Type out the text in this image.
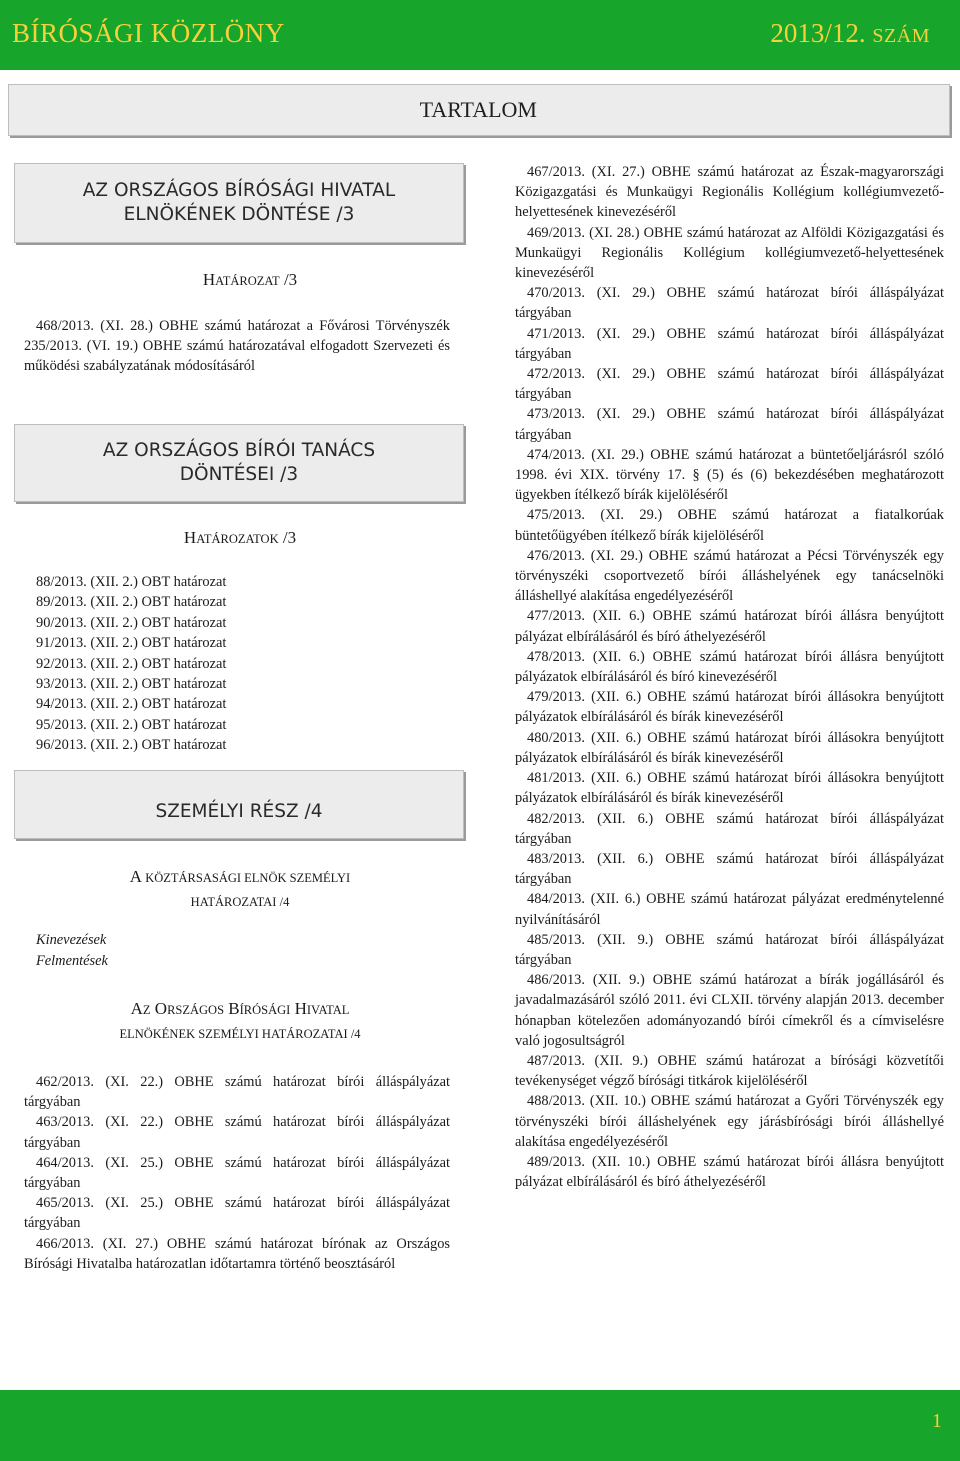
BÍRÓSÁGI KÖZLÖNY	2013/12. SZÁM
TARTALOM
AZ ORSZÁGOS BÍRÓSÁGI HIVATAL
ELNÖKÉNEK DÖNTÉSE /3
HATÁROZAT /3
468/2013. (XI. 28.) OBHE számú határozat a Fővárosi Törvényszék 235/2013. (VI. 19.) OBHE számú határozatával elfogadott Szervezeti és működési szabályzatának módosításáról
AZ ORSZÁGOS BÍRÓI TANÁCS
DÖNTÉSEI /3
HATÁROZATOK /3
88/2013. (XII. 2.) OBT határozat
89/2013. (XII. 2.) OBT határozat
90/2013. (XII. 2.) OBT határozat
91/2013. (XII. 2.) OBT határozat
92/2013. (XII. 2.) OBT határozat
93/2013. (XII. 2.) OBT határozat
94/2013. (XII. 2.) OBT határozat
95/2013. (XII. 2.) OBT határozat
96/2013. (XII. 2.) OBT határozat
SZEMÉLYI RÉSZ /4
A KÖZTÁRSASÁGI ELNÖK SZEMÉLYI
HATÁROZATAI /4
Kinevezések
Felmentések
AZ ORSZÁGOS BÍRÓSÁGI HIVATAL
ELNÖKÉNEK SZEMÉLYI HATÁROZATAI /4
462/2013. (XI. 22.) OBHE számú határozat bírói álláspályázat tárgyában
463/2013. (XI. 22.) OBHE számú határozat bírói álláspályázat tárgyában
464/2013. (XI. 25.) OBHE számú határozat bírói álláspályázat tárgyában
465/2013. (XI. 25.) OBHE számú határozat bírói álláspályázat tárgyában
466/2013. (XI. 27.) OBHE számú határozat bírónak az Országos Bírósági Hivatalba határozatlan időtartamra történő beosztásáról
467/2013. (XI. 27.) OBHE számú határozat az Észak-magyarországi Közigazgatási és Munkaügyi Regionális Kollégium kollégiumvezető-helyettesének kinevezéséről
469/2013. (XI. 28.) OBHE számú határozat az Alföldi Közigazgatási és Munkaügyi Regionális Kollégium kollégiumvezető-helyettesének kinevezéséről
470/2013. (XI. 29.) OBHE számú határozat bírói álláspályázat tárgyában
471/2013. (XI. 29.) OBHE számú határozat bírói álláspályázat tárgyában
472/2013. (XI. 29.) OBHE számú határozat bírói álláspályázat tárgyában
473/2013. (XI. 29.) OBHE számú határozat bírói álláspályázat tárgyában
474/2013. (XI. 29.) OBHE számú határozat a büntetőeljárásról szóló 1998. évi XIX. törvény 17. § (5) és (6) bekezdésében meghatározott ügyekben ítélkező bírák kijelöléséről
475/2013. (XI. 29.) OBHE számú határozat a fiatalkorúak büntetőügyében ítélkező bírák kijelöléséről
476/2013. (XI. 29.) OBHE számú határozat a Pécsi Törvényszék egy törvényszéki csoportvezető bírói álláshelyének egy tanácselnöki álláshellyé alakítása engedélyezéséről
477/2013. (XII. 6.) OBHE számú határozat bírói állásra benyújtott pályázat elbírálásáról és bíró áthelyezéséről
478/2013. (XII. 6.) OBHE számú határozat bírói állásra benyújtott pályázatok elbírálásáról és bíró kinevezéséről
479/2013. (XII. 6.) OBHE számú határozat bírói állásokra benyújtott pályázatok elbírálásáról és bírák kinevezéséről
480/2013. (XII. 6.) OBHE számú határozat bírói állásokra benyújtott pályázatok elbírálásáról és bírák kinevezéséről
481/2013. (XII. 6.) OBHE számú határozat bírói állásokra benyújtott pályázatok elbírálásáról és bírák kinevezéséről
482/2013. (XII. 6.) OBHE számú határozat bírói álláspályázat tárgyában
483/2013. (XII. 6.) OBHE számú határozat bírói álláspályázat tárgyában
484/2013. (XII. 6.) OBHE számú határozat pályázat eredménytelenné nyilvánításáról
485/2013. (XII. 9.) OBHE számú határozat bírói álláspályázat tárgyában
486/2013. (XII. 9.) OBHE számú határozat a bírák jogállásáról és javadalmazásáról szóló 2011. évi CLXII. törvény alapján 2013. december hónapban kötelezően adományozandó bírói címekről és a címviselésre való jogosultságról
487/2013. (XII. 9.) OBHE számú határozat a bírósági közvetítői tevékenységet végző bírósági titkárok kijelöléséről
488/2013. (XII. 10.) OBHE számú határozat a Győri Törvényszék egy törvényszéki bírói álláshelyének egy járásbírósági bírói álláshellyé alakítása engedélyezéséről
489/2013. (XII. 10.) OBHE számú határozat bírói állásra benyújtott pályázat elbírálásáról és bíró áthelyezéséről
1
